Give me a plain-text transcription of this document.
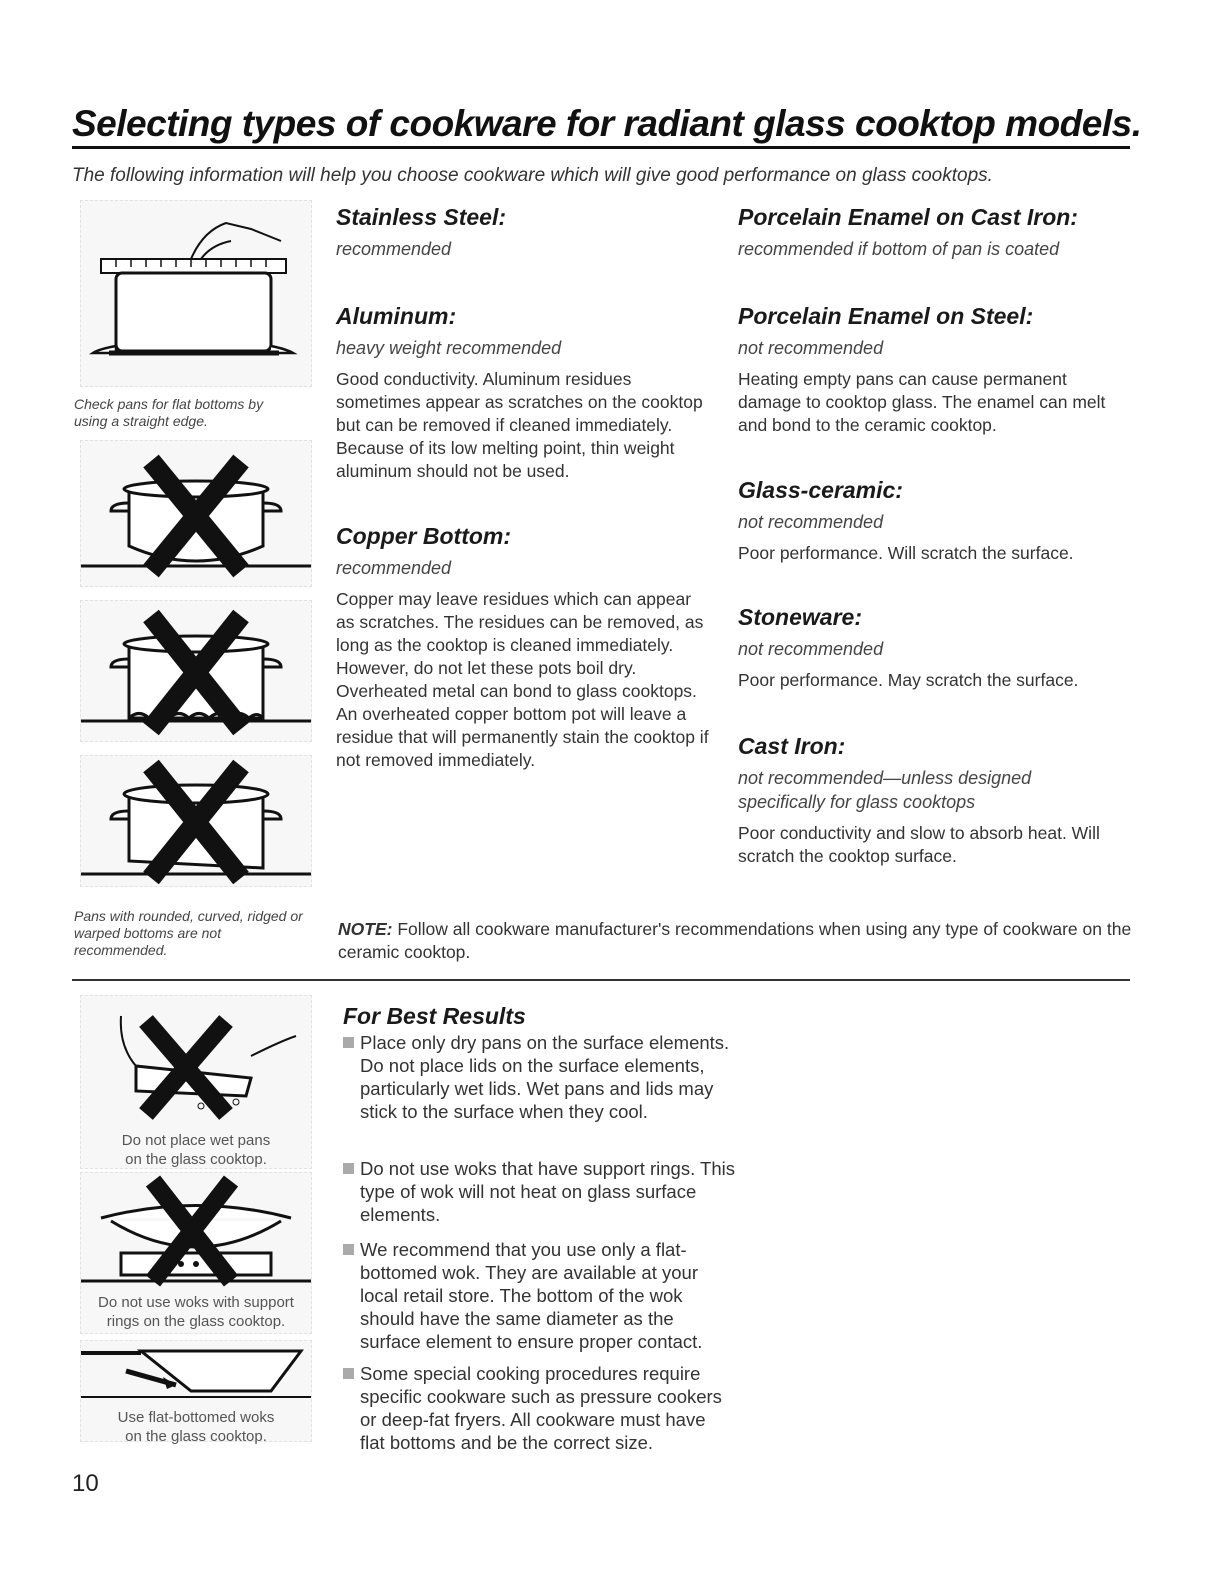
Selecting types of cookware for radiant glass cooktop models.
The following information will help you choose cookware which will give good performance on glass cooktops.
Check pans for flat bottoms by using a straight edge.
Pans with rounded, curved, ridged or warped bottoms are not recommended.
Stainless Steel:

recommended

Aluminum:

heavy weight recommended

Good conductivity. Aluminum residues sometimes appear as scratches on the cooktop but can be removed if cleaned immediately. Because of its low melting point, thin weight aluminum should not be used.

Copper Bottom:

recommended

Copper may leave residues which can appear as scratches. The residues can be removed, as long as the cooktop is cleaned immediately. However, do not let these pots boil dry. Overheated metal can bond to glass cooktops. An overheated copper bottom pot will leave a residue that will permanently stain the cooktop if not removed immediately.

Porcelain Enamel on Cast Iron:

recommended if bottom of pan is coated

Porcelain Enamel on Steel:

not recommended

Heating empty pans can cause permanent damage to cooktop glass. The enamel can melt and bond to the ceramic cooktop.

Glass-ceramic:

not recommended

Poor performance. Will scratch the surface.

Stoneware:

not recommended

Poor performance. May scratch the surface.

Cast Iron:

not recommended—unless designed specifically for glass cooktops

Poor conductivity and slow to absorb heat. Will scratch the cooktop surface.

NOTE: Follow all cookware manufacturer's recommendations when using any type of cookware on the ceramic cooktop.
Do not place wet pans on the glass cooktop.
Do not use woks with support rings on the glass cooktop.
Use flat-bottomed woks on the glass cooktop.
For Best Results
Place only dry pans on the surface elements. Do not place lids on the surface elements, particularly wet lids. Wet pans and lids may stick to the surface when they cool.
Do not use woks that have support rings. This type of wok will not heat on glass surface elements.
We recommend that you use only a flat-bottomed wok. They are available at your local retail store. The bottom of the wok should have the same diameter as the surface element to ensure proper contact.
Some special cooking procedures require specific cookware such as pressure cookers or deep-fat fryers. All cookware must have flat bottoms and be the correct size.
10
